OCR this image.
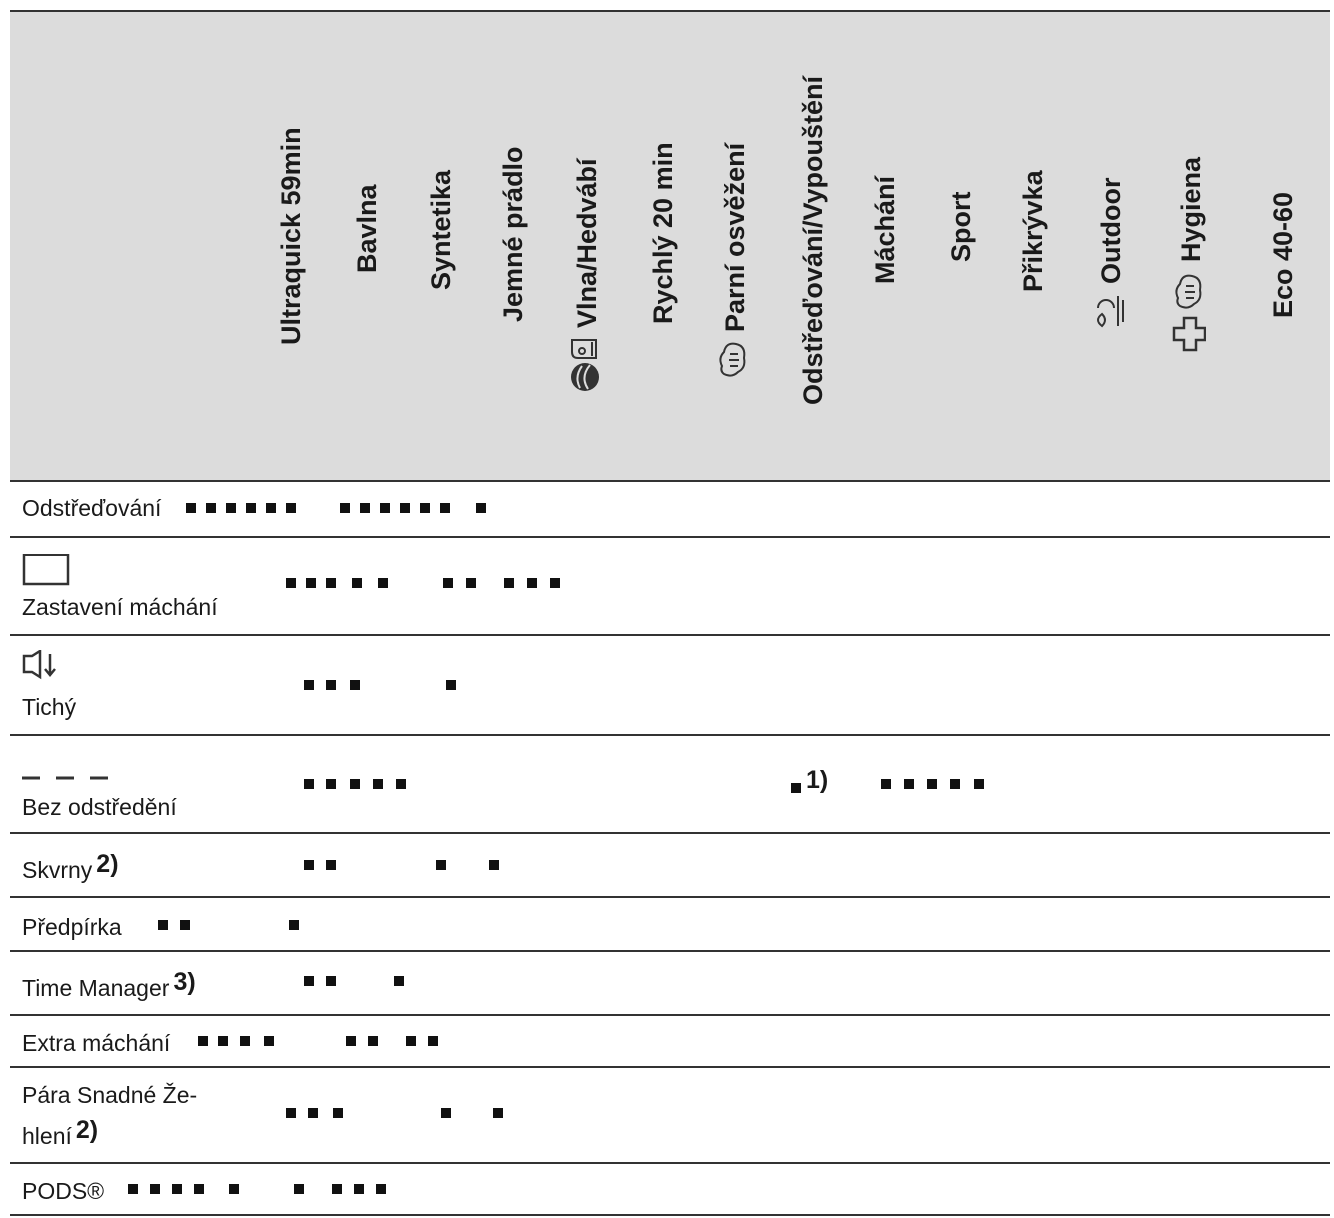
Ultraquick 59min Bavlna Syntetika Jemné prádlo Vlna/Hedvábí Rychlý 20 min Parní osvěžení Odstřeďování/Vypouštění Máchání Sport Přikrývka Outdoor Hygiena Eco 40-60
Odstřeďování
Zastavení máchání
Tichý
Bez odstředění
1)
Skvrny 2)
Předpírka
Time Manager 3)
Extra máchání
Pára Snadné Že-
hlení 2)
PODS®
